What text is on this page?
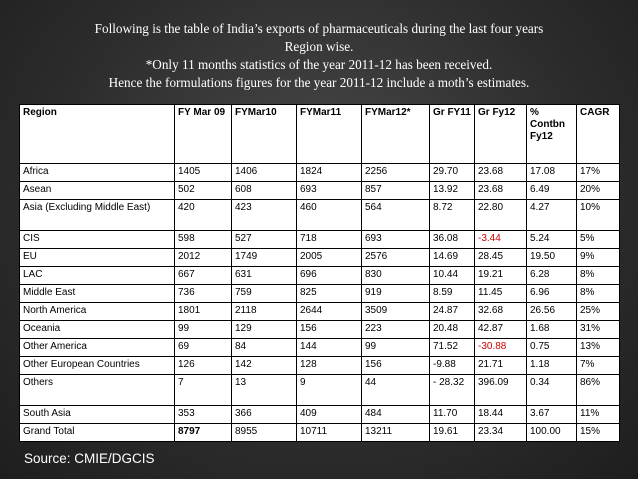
Following is the table of India’s exports of pharmaceuticals during the last four years
Region wise.
*Only 11 months statistics of the year 2011-12 has been received.
Hence the formulations figures for the year 2011-12 include a moth’s estimates.
Region	FY Mar 09	FYMar10	FYMar11	FYMar12*	Gr FY11	Gr Fy12	% Contbn Fy12	CAGR
Africa	1405	1406	1824	2256	29.70	23.68	17.08	17%
Asean	502	608	693	857	13.92	23.68	6.49	20%
Asia (Excluding Middle East)	420	423	460	564	8.72	22.80	4.27	10%
CIS	598	527	718	693	36.08	-3.44	5.24	5%
EU	2012	1749	2005	2576	14.69	28.45	19.50	9%
LAC	667	631	696	830	10.44	19.21	6.28	8%
Middle East	736	759	825	919	8.59	11.45	6.96	8%
North America	1801	2118	2644	3509	24.87	32.68	26.56	25%
Oceania	99	129	156	223	20.48	42.87	1.68	31%
Other America	69	84	144	99	71.52	-30.88	0.75	13%
Other European Countries	126	142	128	156	-9.88	21.71	1.18	7%
Others	7	13	9	44	- 28.32	396.09	0.34	86%
South Asia	353	366	409	484	11.70	18.44	3.67	11%
Grand Total	8797	8955	10711	13211	19.61	23.34	100.00	15%
Source: CMIE/DGCIS
